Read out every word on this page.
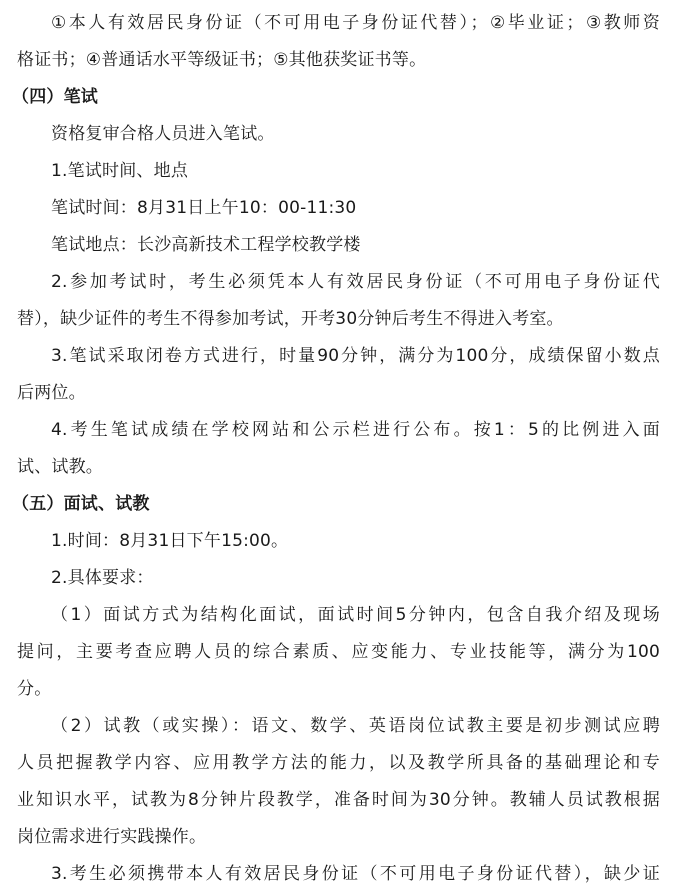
①本人有效居民身份证（不可用电子身份证代替）；②毕业证；③教师资
格证书；④普通话水平等级证书；⑤其他获奖证书等。
（四）笔试
资格复审合格人员进入笔试。
1.笔试时间、地点
笔试时间：8月31日上午10：00-11:30
笔试地点：长沙高新技术工程学校教学楼
2.参加考试时，考生必须凭本人有效居民身份证（不可用电子身份证代
替），缺少证件的考生不得参加考试，开考30分钟后考生不得进入考室。
3.笔试采取闭卷方式进行，时量90分钟，满分为100分，成绩保留小数点
后两位。
4.考生笔试成绩在学校网站和公示栏进行公布。按1：5的比例进入面
试、试教。
（五）面试、试教
1.时间：8月31日下午15:00。
2.具体要求：
（1）面试方式为结构化面试，面试时间5分钟内，包含自我介绍及现场
提问，主要考查应聘人员的综合素质、应变能力、专业技能等，满分为100
分。
（2）试教（或实操）：语文、数学、英语岗位试教主要是初步测试应聘
人员把握教学内容、应用教学方法的能力，以及教学所具备的基础理论和专
业知识水平，试教为8分钟片段教学，准备时间为30分钟。教辅人员试教根据
岗位需求进行实践操作。
3.考生必须携带本人有效居民身份证（不可用电子身份证代替），缺少证
